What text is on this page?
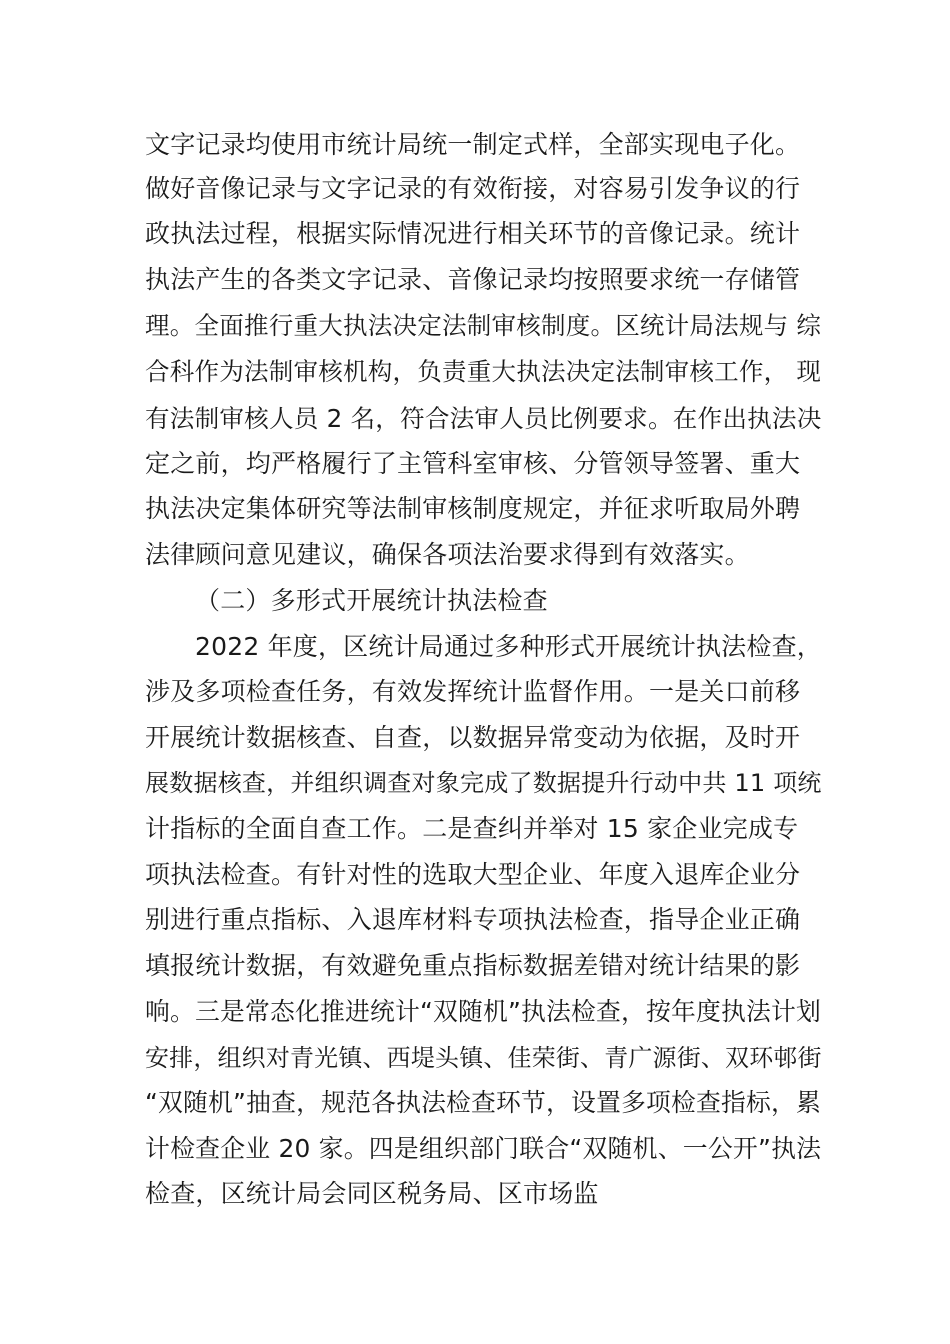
文字记录均使用市统计局统一制定式样，全部实现电子化。
做好音像记录与文字记录的有效衔接，对容易引发争议的行
政执法过程，根据实际情况进行相关环节的音像记录。统计
执法产生的各类文字记录、音像记录均按照要求统一存储管
理。全面推行重大执法决定法制审核制度。区统计局法规与 综
合科作为法制审核机构，负责重大执法决定法制审核工作， 现
有法制审核人员 2 名，符合法审人员比例要求。在作出执法决
定之前，均严格履行了主管科室审核、分管领导签署、重大
执法决定集体研究等法制审核制度规定，并征求听取局外聘
法律顾问意见建议，确保各项法治要求得到有效落实。
（二）多形式开展统计执法检查
2022 年度，区统计局通过多种形式开展统计执法检查，
涉及多项检查任务，有效发挥统计监督作用。一是关口前移
开展统计数据核查、自查，以数据异常变动为依据，及时开
展数据核查，并组织调查对象完成了数据提升行动中共 11 项统
计指标的全面自查工作。二是查纠并举对 15 家企业完成专
项执法检查。有针对性的选取大型企业、年度入退库企业分
别进行重点指标、入退库材料专项执法检查，指导企业正确
填报统计数据，有效避免重点指标数据差错对统计结果的影
响。三是常态化推进统计“双随机”执法检查，按年度执法计划
安排，组织对青光镇、西堤头镇、佳荣街、青广源街、双环邨街
“双随机”抽查，规范各执法检查环节，设置多项检查指标，累
计检查企业 20 家。四是组织部门联合“双随机、一公开”执法
检查，区统计局会同区税务局、区市场监
